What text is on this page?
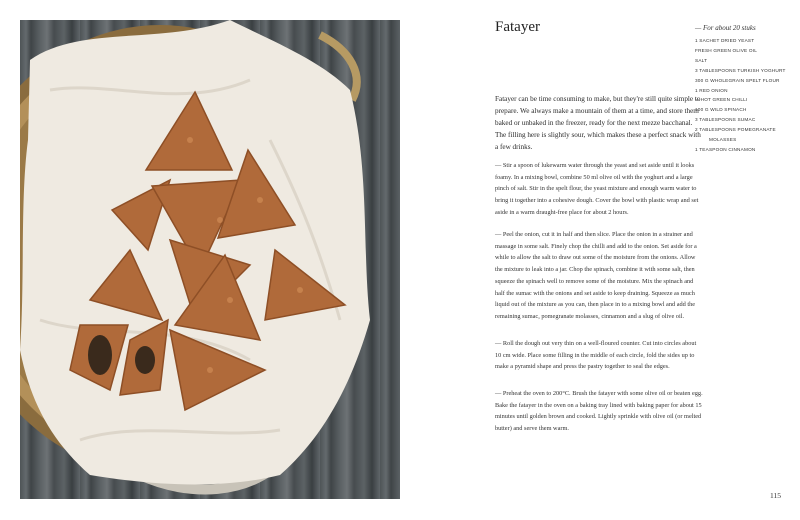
Fatayer	— For about 20 stuks
1 SACHET DRIED YEAST
FRESH GREEN OLIVE OIL
SALT
3 TABLESPOONS TURKISH YOGHURT
300 G WHOLEGRAIN SPELT FLOUR
1 RED ONION
½ HOT GREEN CHILLI
100 G WILD SPINACH
3 TABLESPOONS SUMAC
2 TABLESPOONS POMEGRANATE
MOLASSES
1 TEASPOON CINNAMON

Fatayer can be time consuming to make, but they're still quite simple to prepare. We always make a mountain of them at a time, and store them baked or unbaked in the freezer, ready for the next mezze bacchanal. The filling here is slightly sour, which makes these a perfect snack with a few drinks.

— Stir a spoon of lukewarm water through the yeast and set aside until it looks foamy. In a mixing bowl, combine 50 ml olive oil with the yoghurt and a large pinch of salt. Stir in the spelt flour, the yeast mixture and enough warm water to bring it together into a cohesive dough. Cover the bowl with plastic wrap and set aside in a warm draught-free place for about 2 hours.

— Peel the onion, cut it in half and then slice. Place the onion in a strainer and massage in some salt. Finely chop the chilli and add to the onion. Set aside for a while to allow the salt to draw out some of the moisture from the onions. Allow the mixture to leak into a jar. Chop the spinach, combine it with some salt, then squeeze the spinach well to remove some of the moisture. Mix the spinach and half the sumac with the onions and set aside to keep draining. Squeeze as much liquid out of the mixture as you can, then place in to a mixing bowl and add the remaining sumac, pomegranate molasses, cinnamon and a slug of olive oil.

— Roll the dough out very thin on a well-floured counter. Cut into circles about 10 cm wide. Place some filling in the middle of each circle, fold the sides up to make a pyramid shape and press the pastry together to seal the edges.

— Preheat the oven to 200°C. Brush the fatayer with some olive oil or beaten egg. Bake the fatayer in the oven on a baking tray lined with baking paper for about 15 minutes until golden brown and cooked. Lightly sprinkle with olive oil (or melted butter) and serve them warm.

115
